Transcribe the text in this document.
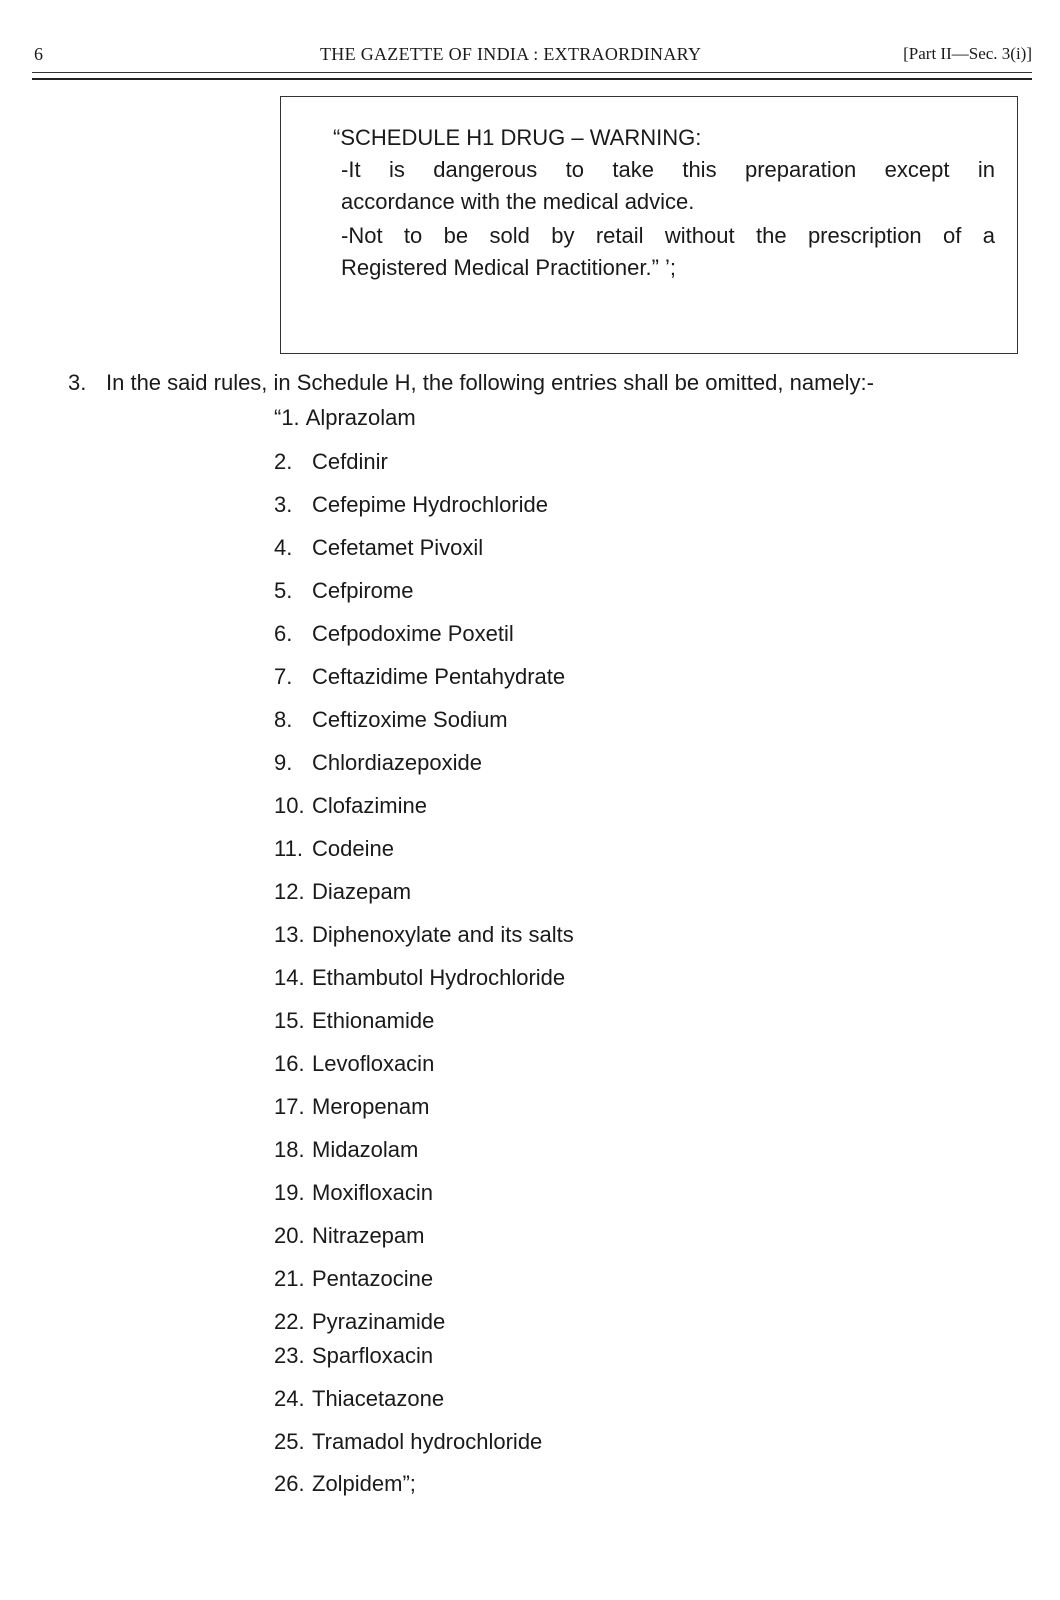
6	THE GAZETTE OF INDIA : EXTRAORDINARY	[Part II—Sec. 3(i)]
“SCHEDULE H1 DRUG – WARNING:
-It is dangerous to take this preparation except in
accordance with the medical advice.
-Not to be sold by retail without the prescription of a
Registered Medical Practitioner.” ’;
3. In the said rules, in Schedule H, the following entries shall be omitted, namely:-
“1. Alprazolam
2. Cefdinir
3. Cefepime Hydrochloride
4. Cefetamet Pivoxil
5. Cefpirome
6. Cefpodoxime Poxetil
7. Ceftazidime Pentahydrate
8. Ceftizoxime Sodium
9. Chlordiazepoxide
10. Clofazimine
11. Codeine
12. Diazepam
13. Diphenoxylate and its salts
14. Ethambutol Hydrochloride
15. Ethionamide
16. Levofloxacin
17. Meropenam
18. Midazolam
19. Moxifloxacin
20. Nitrazepam
21. Pentazocine
22. Pyrazinamide
23. Sparfloxacin
24. Thiacetazone
25. Tramadol hydrochloride
26. Zolpidem”;
